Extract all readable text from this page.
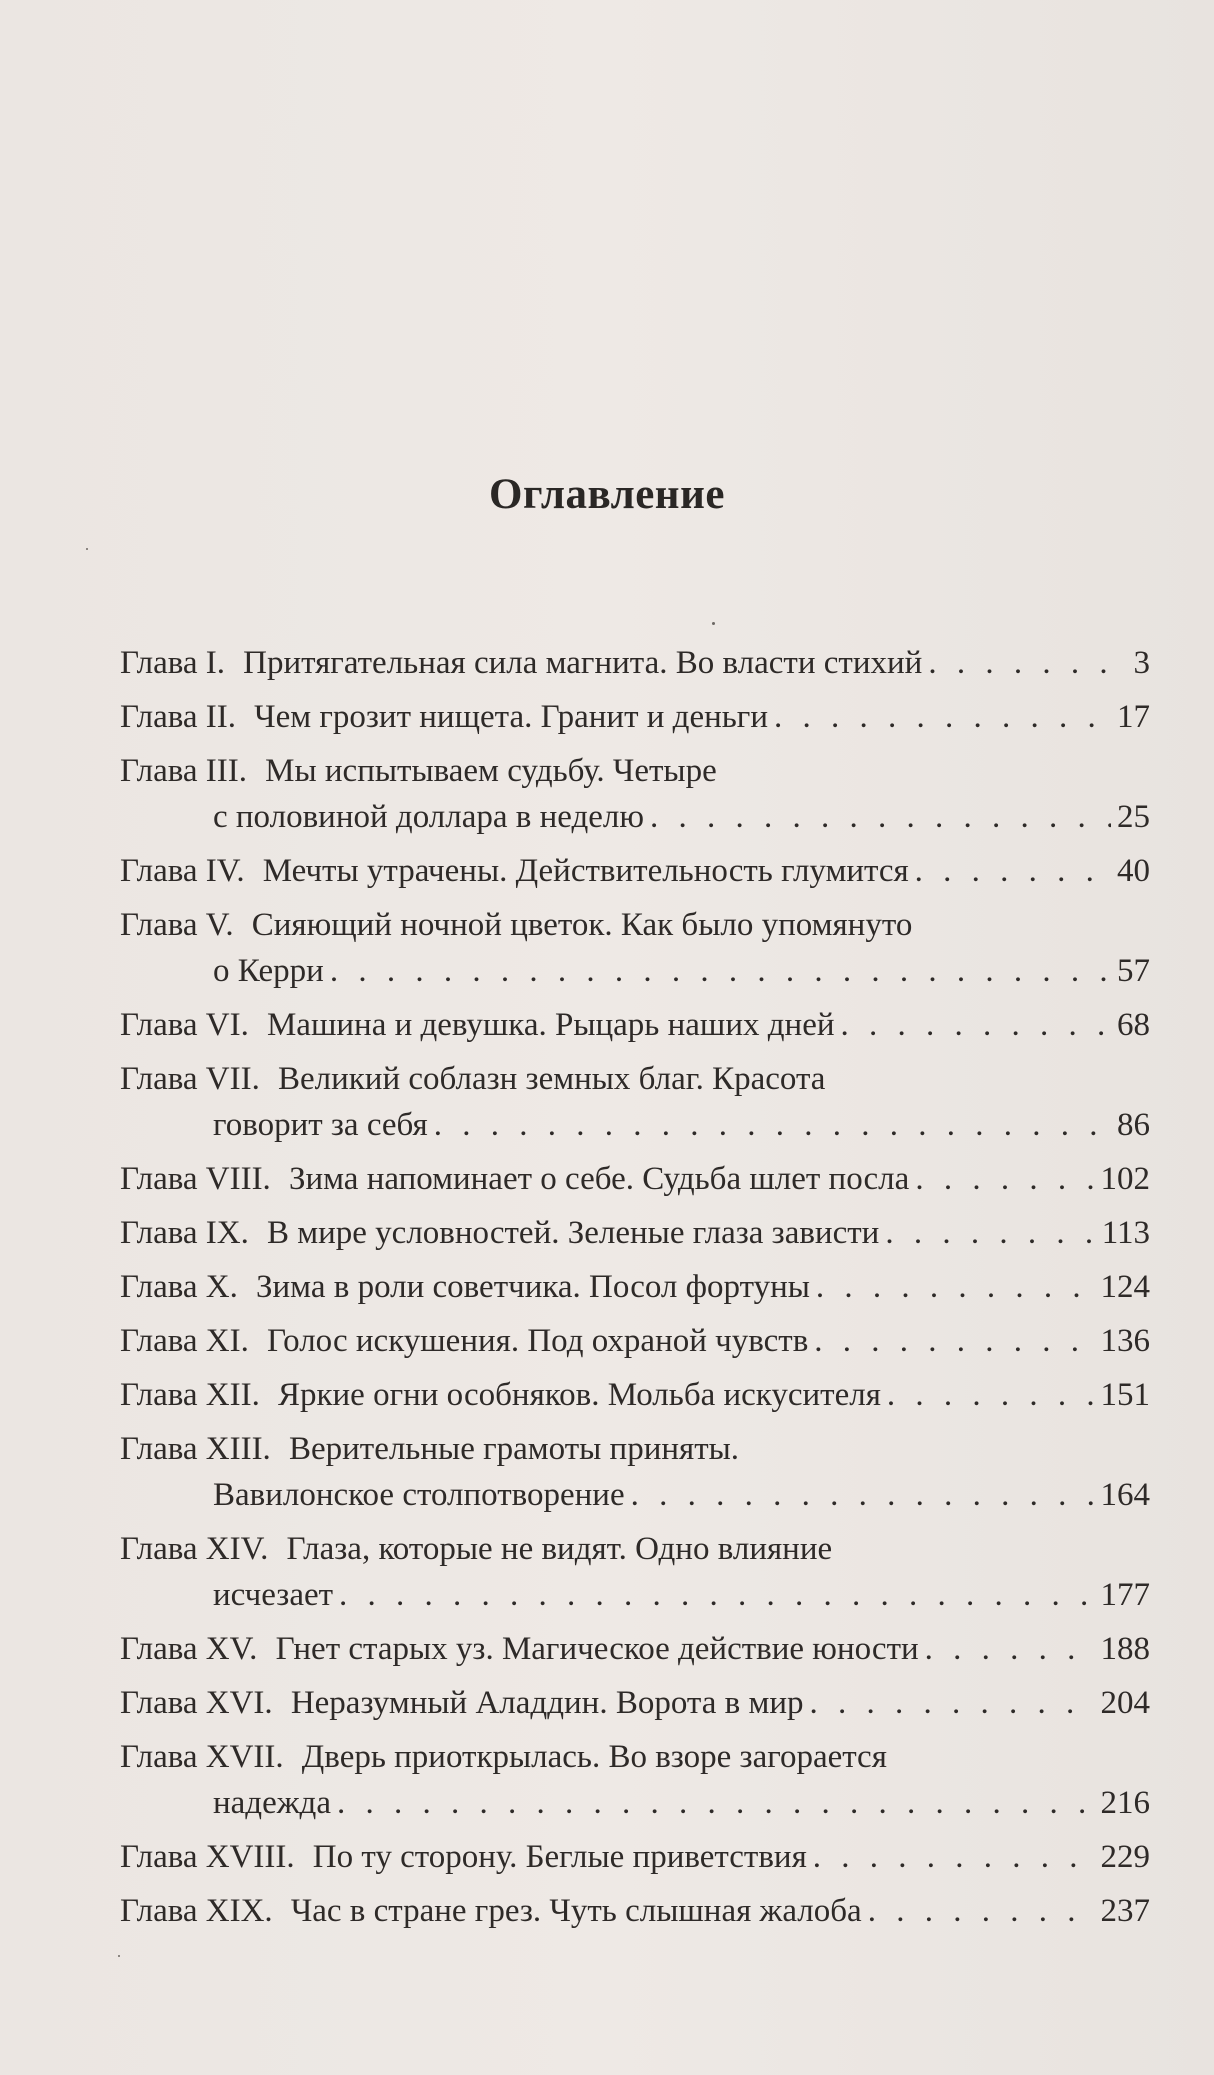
Оглавление
Глава I. Притягательная сила магнита. Во власти стихий . . .	3
Глава II. Чем грозит нищета. Гранит и деньги . . .	17
Глава III. Мы испытываем судьбу. Четыре
с половиной доллара в неделю . . .	25
Глава IV. Мечты утрачены. Действительность глумится . . .	40
Глава V. Сияющий ночной цветок. Как было упомянуто
о Керри . . .	57
Глава VI. Машина и девушка. Рыцарь наших дней . . .	68
Глава VII. Великий соблазн земных благ. Красота
говорит за себя . . .	86
Глава VIII. Зима напоминает о себе. Судьба шлет посла . . .	102
Глава IX. В мире условностей. Зеленые глаза зависти . . .	113
Глава X. Зима в роли советчика. Посол фортуны . . .	124
Глава XI. Голос искушения. Под охраной чувств . . .	136
Глава XII. Яркие огни особняков. Мольба искусителя . . .	151
Глава XIII. Верительные грамоты приняты.
Вавилонское столпотворение . . .	164
Глава XIV. Глаза, которые не видят. Одно влияние
исчезает . . .	177
Глава XV. Гнет старых уз. Магическое действие юности . . .	188
Глава XVI. Неразумный Аладдин. Ворота в мир . . .	204
Глава XVII. Дверь приоткрылась. Во взоре загорается
надежда . . .	216
Глава XVIII. По ту сторону. Беглые приветствия . . .	229
Глава XIX. Час в стране грез. Чуть слышная жалоба . . .	237
